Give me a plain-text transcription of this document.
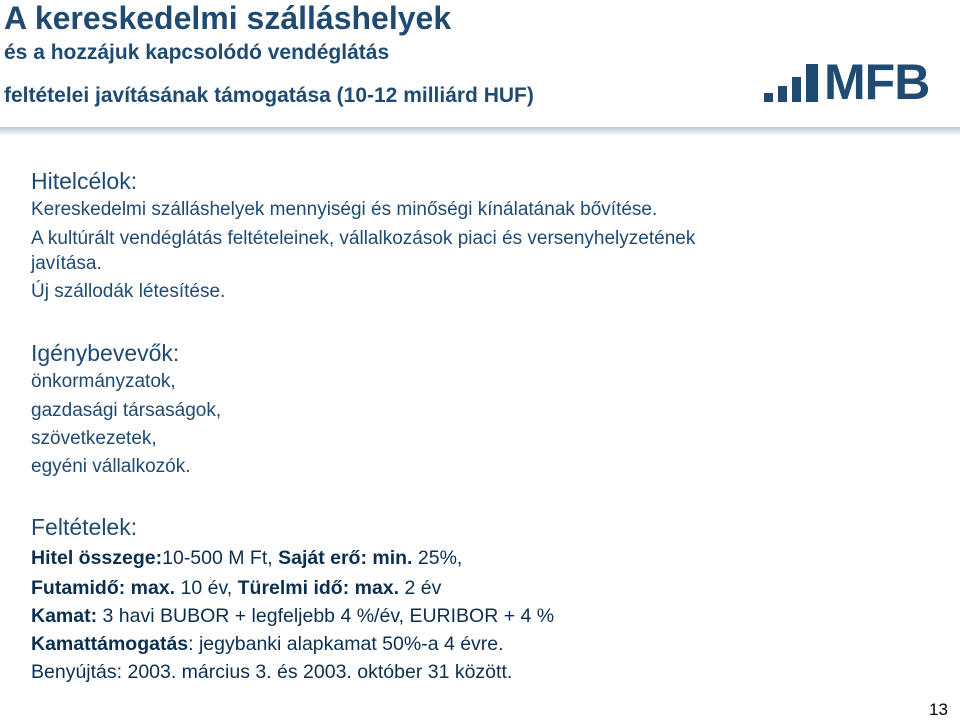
A kereskedelmi szálláshelyek
és a hozzájuk kapcsolódó vendéglátás
feltételei javításának támogatása (10-12 milliárd HUF)	MFB
Hitelcélok:
Kereskedelmi szálláshelyek mennyiségi és minőségi kínálatának bővítése.
A kultúrált vendéglátás feltételeinek, vállalkozások piaci és versenyhelyzetének
javítása.
Új szállodák létesítése.
Igénybevevők:
önkormányzatok,
gazdasági társaságok,
szövetkezetek,
egyéni vállalkozók.
Feltételek:
Hitel összege:10-500 M Ft, Saját erő: min. 25%,
Futamidő: max. 10 év, Türelmi idő: max. 2 év
Kamat: 3 havi BUBOR + legfeljebb 4 %/év, EURIBOR + 4 %
Kamattámogatás: jegybanki alapkamat 50%-a 4 évre.
Benyújtás: 2003. március 3. és 2003. október 31 között.
13
